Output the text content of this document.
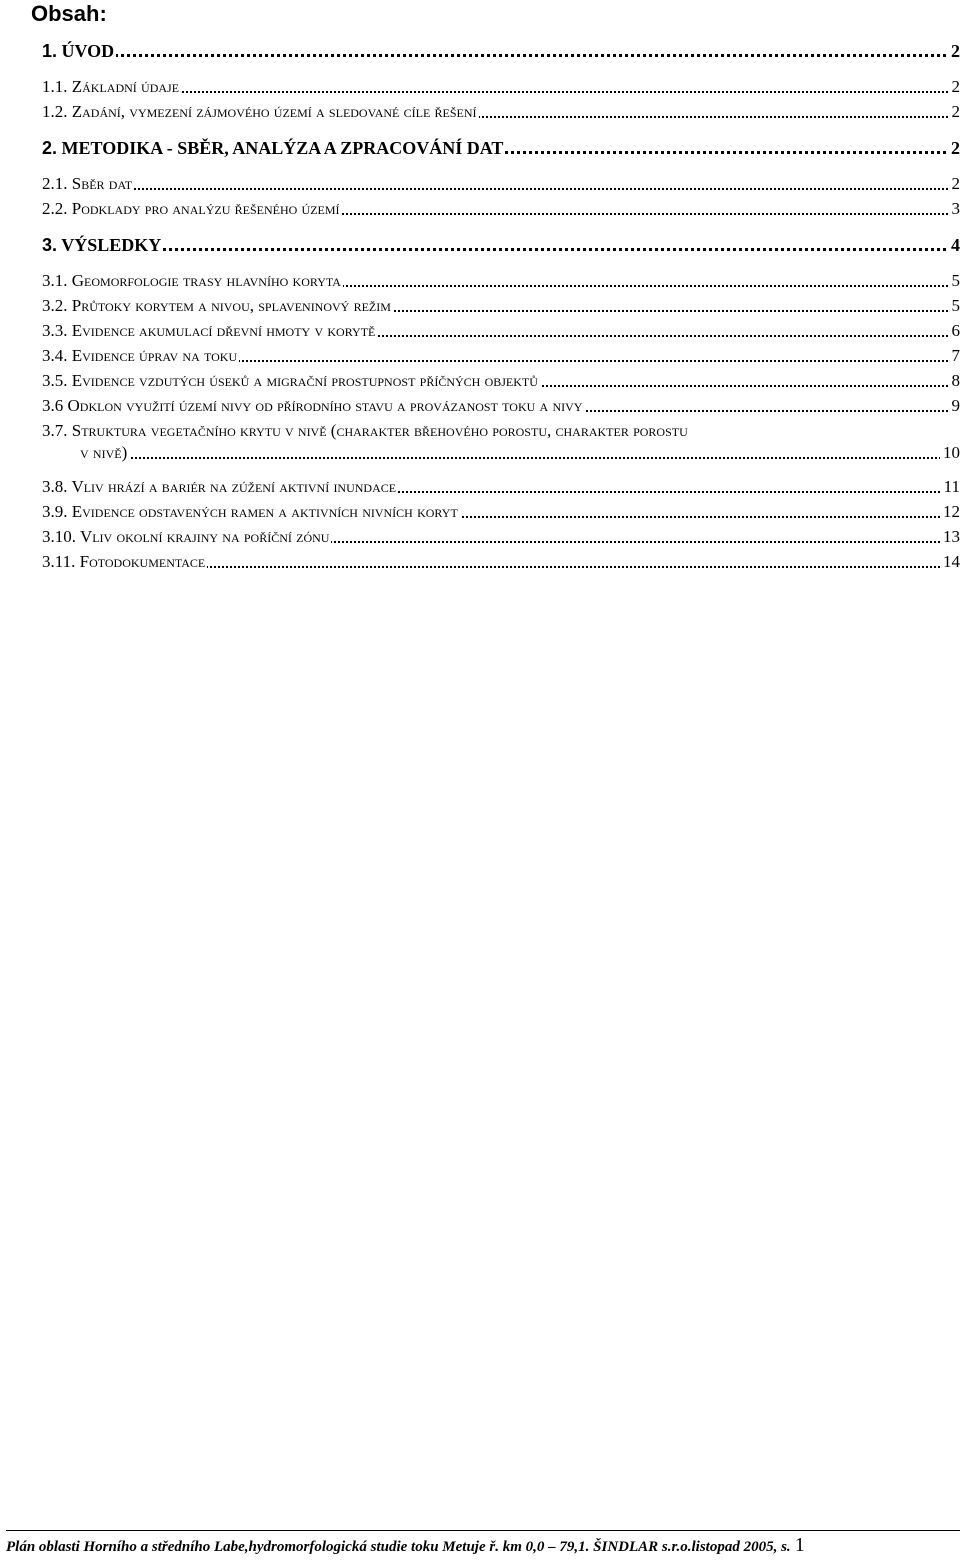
Obsah:
1. ÚVOD	2
1.1. Základní údaje	2
1.2. Zadání, vymezení zájmového území a sledované cíle řešení	2
2. METODIKA - SBĚR, ANALÝZA A ZPRACOVÁNÍ DAT	2
2.1. Sběr dat	2
2.2. Podklady pro analýzu řešeného území	3
3. VÝSLEDKY	4
3.1. Geomorfologie trasy hlavního koryta	5
3.2. Průtoky korytem a nivou, splaveninový režim	5
3.3. Evidence akumulací dřevní hmoty v korytě	6
3.4. Evidence úprav na toku	7
3.5. Evidence vzdutých úseků a migrační prostupnost příčných objektů	8
3.6 Odklon využití území nivy od přírodního stavu a provázanost toku a nivy	9
3.7. Struktura vegetačního krytu v nivě (charakter břehového porostu, charakter porostu
v nivě)	10
3.8. Vliv hrází a bariér na zúžení aktivní inundace	11
3.9. Evidence odstavených ramen a aktivních nivních koryt	12
3.10. Vliv okolní krajiny na poříční zónu	13
3.11. Fotodokumentace	14
Plán oblasti Horního a středního Labe,hydromorfologická studie toku Metuje ř. km 0,0 – 79,1. ŠINDLAR s.r.o.listopad 2005, s. 1
